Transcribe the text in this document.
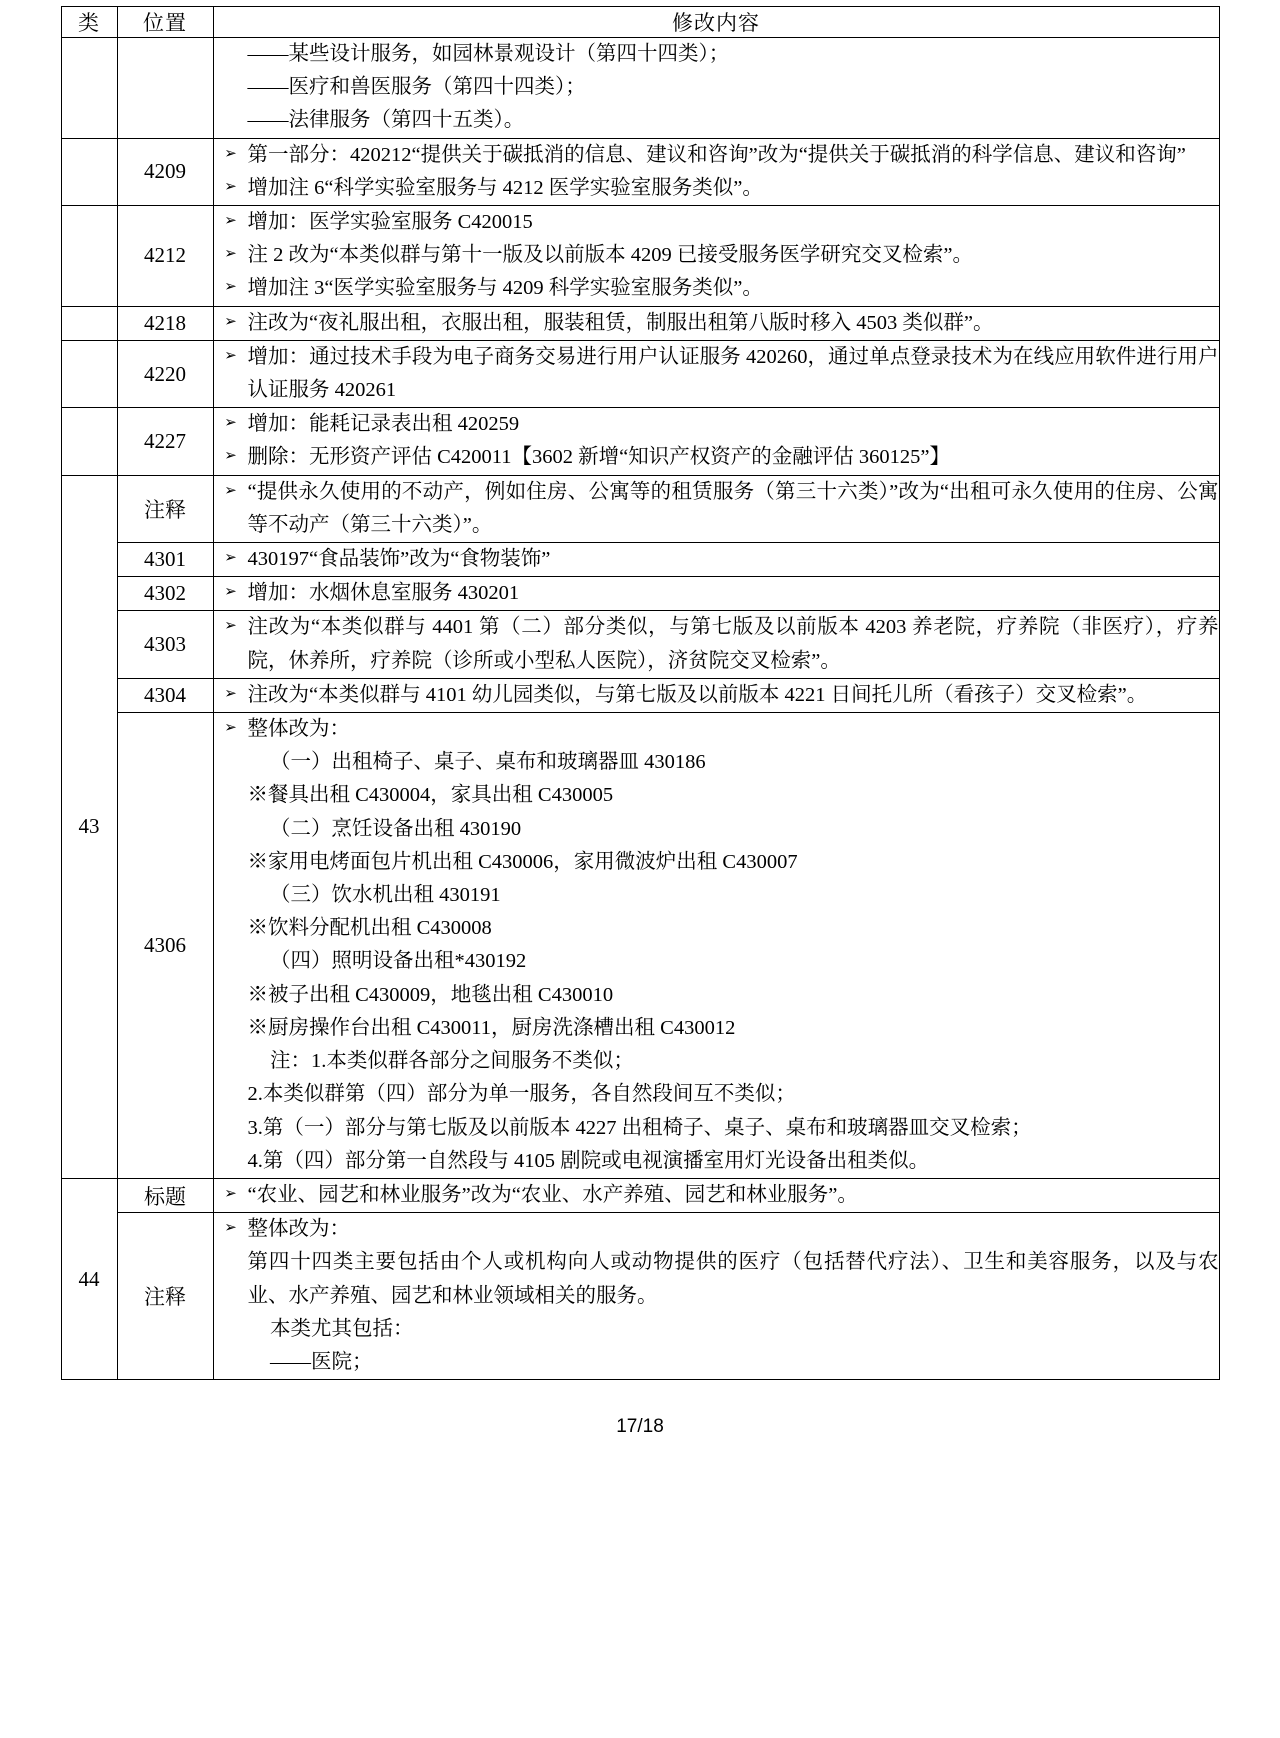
类	位置	修改内容

		——某些设计服务，如园林景观设计（第四十四类）；
——医疗和兽医服务（第四十四类）；
——法律服务（第四十五类）。

	4209	➢ 第一部分：420212“提供关于碳抵消的信息、建议和咨询”改为“提供关于碳抵消的科学信息、建议和咨询”
➢ 增加注 6“科学实验室服务与 4212 医学实验室服务类似”。

	4212	
➢ 增加：医学实验室服务 C420015
➢ 注 2 改为“本类似群与第十一版及以前版本 4209 已接受服务医学研究交叉检索”。
➢ 增加注 3“医学实验室服务与 4209 科学实验室服务类似”。

	4218	➢ 注改为“夜礼服出租，衣服出租，服装租赁，制服出租第八版时移入 4503 类似群”。

	4220	➢ 增加：通过技术手段为电子商务交易进行用户认证服务 420260，通过单点登录技术为在线应用软件进行用户认证服务 420261

	4227	➢ 增加：能耗记录表出租 420259
➢ 删除：无形资产评估 C420011【3602 新增“知识产权资产的金融评估 360125”】

43	注释	➢ “提供永久使用的不动产，例如住房、公寓等的租赁服务（第三十六类）”改为“出租可永久使用的住房、公寓等不动产（第三十六类）”。

	4301	➢ 430197“食品装饰”改为“食物装饰”

	4302	➢ 增加：水烟休息室服务 430201

	4303	➢ 注改为“本类似群与 4401 第（二）部分类似，与第七版及以前版本 4203 养老院，疗养院（非医疗），疗养院，休养所，疗养院（诊所或小型私人医院），济贫院交叉检索”。

	4304	➢ 注改为“本类似群与 4101 幼儿园类似，与第七版及以前版本 4221 日间托儿所（看孩子）交叉检索”。

4306	
➢ 整体改为：
（一）出租椅子、桌子、桌布和玻璃器皿 430186
※餐具出租 C430004，家具出租 C430005
（二）烹饪设备出租 430190
※家用电烤面包片机出租 C430006，家用微波炉出租 C430007
（三）饮水机出租 430191
※饮料分配机出租 C430008
（四）照明设备出租*430192
※被子出租 C430009，地毯出租 C430010
※厨房操作台出租 C430011，厨房洗涤槽出租 C430012
注：1.本类似群各部分之间服务不类似；
2.本类似群第（四）部分为单一服务，各自然段间互不类似；
3.第（一）部分与第七版及以前版本 4227 出租椅子、桌子、桌布和玻璃器皿交叉检索；
4.第（四）部分第一自然段与 4105 剧院或电视演播室用灯光设备出租类似。

44	标题	➢ “农业、园艺和林业服务”改为“农业、水产养殖、园艺和林业服务”。

	注释	➢ 整体改为：
第四十四类主要包括由个人或机构向人或动物提供的医疗（包括替代疗法）、卫生和美容服务，以及与农业、水产养殖、园艺和林业领域相关的服务。
本类尤其包括：
——医院；
17/18
